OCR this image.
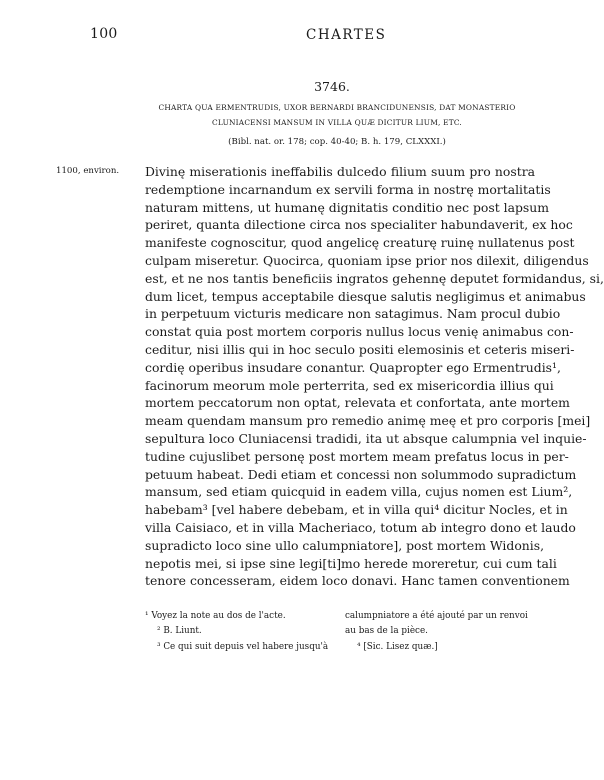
100	CHARTES
3746.
CHARTA QUA ERMENTRUDIS, UXOR BERNARDI BRANCIDUNENSIS, DAT MONASTERIO
CLUNIACENSI MANSUM IN VILLA QUÆ DICITUR LIUM, ETC.
(Bibl. nat. or. 178; cop. 40-40; B. h. 179, CLXXXI.)
1100, environ. Divinę miserationis ineffabilis dulcedo filium suum pro nostra
redemptione incarnandum ex servili forma in nostrę mortalitatis
naturam mittens, ut humanę dignitatis conditio nec post lapsum
periret, quanta dilectione circa nos specialiter habundaverit, ex hoc
manifeste cognoscitur, quod angelicę creaturę ruinę nullatenus post
culpam miseretur. Quocirca, quoniam ipse prior nos dilexit, diligendus
est, et ne nos tantis beneficiis ingratos gehennę deputet formidandus, si,
dum licet, tempus acceptabile diesque salutis negligimus et animabus
in perpetuum victuris medicare non satagimus. Nam procul dubio
constat quia post mortem corporis nullus locus venię animabus con-
ceditur, nisi illis qui in hoc seculo positi elemosinis et ceteris miseri-
cordię operibus insudare conantur. Quapropter ego Ermentrudis¹,
facinorum meorum mole perterrita, sed ex misericordia illius qui
mortem peccatorum non optat, relevata et confortata, ante mortem
meam quendam mansum pro remedio animę meę et pro corporis [mei]
sepultura loco Cluniacensi tradidi, ita ut absque calumpnia vel inquie-
tudine cujuslibet personę post mortem meam prefatus locus in per-
petuum habeat. Dedi etiam et concessi non solummodo supradictum
mansum, sed etiam quicquid in eadem villa, cujus nomen est Lium²,
habebam³ [vel habere debebam, et in villa qui⁴ dicitur Nocles, et in
villa Caisiaco, et in villa Macheriaco, totum ab integro dono et laudo
supradicto loco sine ullo calumpniatore], post mortem Widonis,
nepotis mei, si ipse sine legi[ti]mo herede moreretur, cui cum tali
tenore concesseram, eidem loco donavi. Hanc tamen conventionem
¹ Voyez la note au dos de l'acte.
² B. Liunt.
³ Ce qui suit depuis vel habere jusqu'à
calumpniatore a été ajouté par un renvoi
au bas de la pièce.
⁴ [Sic. Lisez quæ.]
